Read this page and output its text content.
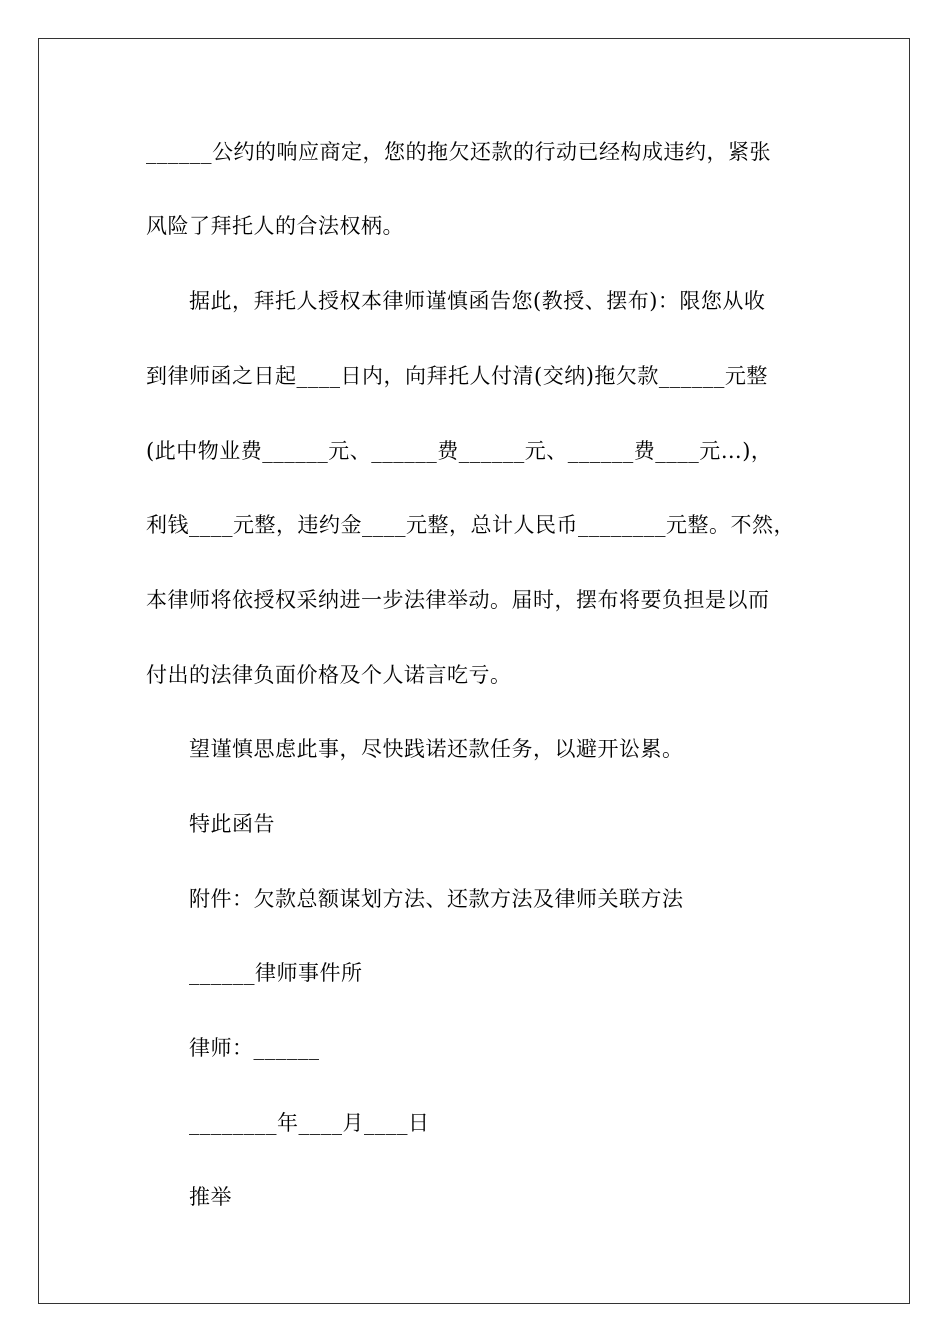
______公约的响应商定，您的拖欠还款的行动已经构成违约，紧张
风险了拜托人的合法权柄。
据此，拜托人授权本律师谨慎函告您(教授、摆布)：限您从收
到律师函之日起____日内，向拜托人付清(交纳)拖欠款______元整
(此中物业费______元、______费______元、______费____元…)，
利钱____元整，违约金____元整，总计人民币________元整。不然，
本律师将依授权采纳进一步法律举动。届时，摆布将要负担是以而
付出的法律负面价格及个人诺言吃亏。
望谨慎思虑此事，尽快践诺还款任务，以避开讼累。
特此函告
附件：欠款总额谋划方法、还款方法及律师关联方法
______律师事件所
律师：______
________年____月____日
推举
